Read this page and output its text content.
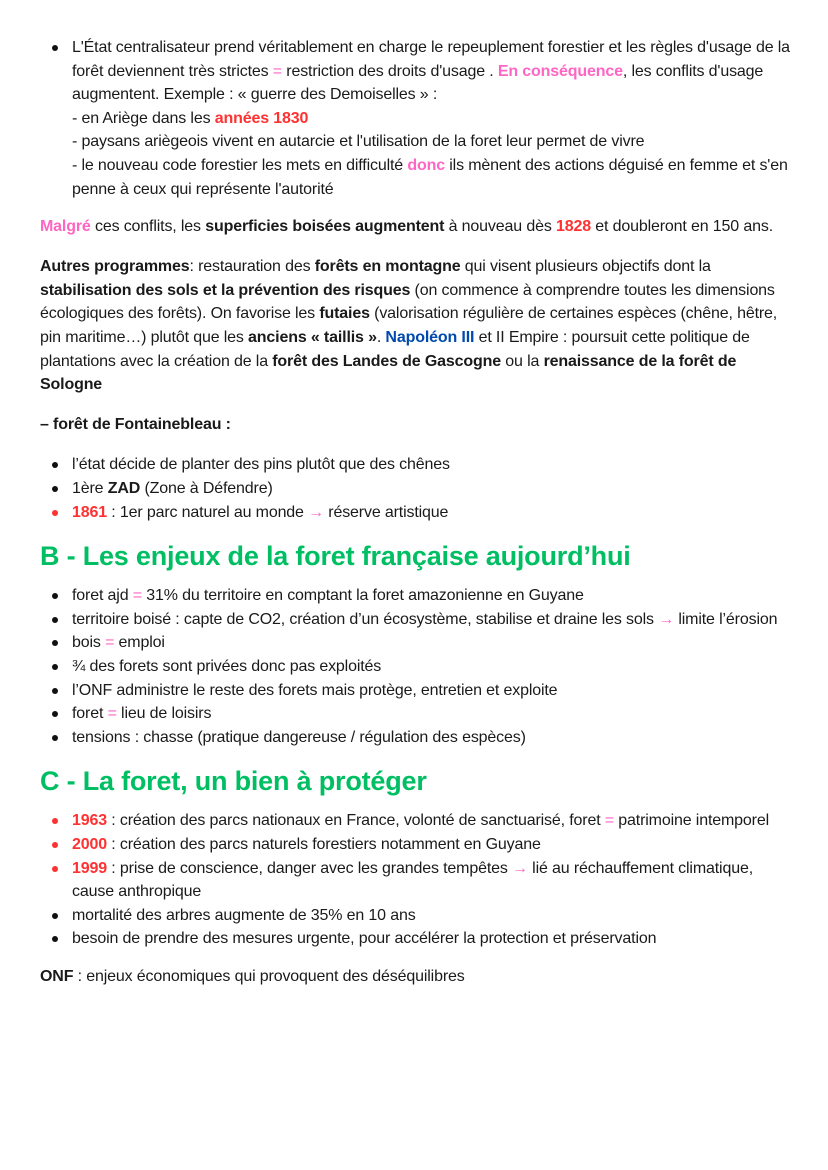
L'État centralisateur prend véritablement en charge le repeuplement forestier et les règles d'usage de la forêt deviennent très strictes = restriction des droits d'usage . En conséquence, les conflits d'usage augmentent. Exemple : « guerre des Demoiselles » :
- en Ariège dans les années 1830
- paysans ariègeois vivent en autarcie et l'utilisation de la foret leur permet de vivre
- le nouveau code forestier les mets en difficulté donc ils mènent des actions déguisé en femme et s'en penne à ceux qui représente l'autorité

Malgré ces conflits, les superficies boisées augmentent à nouveau dès 1828 et doubleront en 150 ans.

Autres programmes: restauration des forêts en montagne qui visent plusieurs objectifs dont la stabilisation des sols et la prévention des risques (on commence à comprendre toutes les dimensions écologiques des forêts). On favorise les futaies (valorisation régulière de certaines espèces (chêne, hêtre, pin maritime…) plutôt que les anciens « taillis ». Napoléon III et II Empire : poursuit cette politique de plantations avec la création de la forêt des Landes de Gascogne ou la renaissance de la forêt de Sologne

– forêt de Fontainebleau :

l’état décide de planter des pins plutôt que des chênes
1ère ZAD (Zone à Défendre)
1861 : 1er parc naturel au monde → réserve artistique
B - Les enjeux de la foret française aujourd’hui
foret ajd = 31% du territoire en comptant la foret amazonienne en Guyane
territoire boisé : capte de CO2, création d’un écosystème, stabilise et draine les sols → limite l’érosion
bois = emploi
¾ des forets sont privées donc pas exploités
l’ONF administre le reste des forets mais protège, entretien et exploite
foret = lieu de loisirs
tensions : chasse (pratique dangereuse / régulation des espèces)
C - La foret, un bien à protéger
1963 : création des parcs nationaux en France, volonté de sanctuarisé, foret = patrimoine intemporel
2000 : création des parcs naturels forestiers notamment en Guyane
1999 : prise de conscience, danger avec les grandes tempêtes → lié au réchauffement climatique, cause anthropique
mortalité des arbres augmente de 35% en 10 ans
besoin de prendre des mesures urgente, pour accélérer la protection et préservation

ONF : enjeux économiques qui provoquent des déséquilibres
